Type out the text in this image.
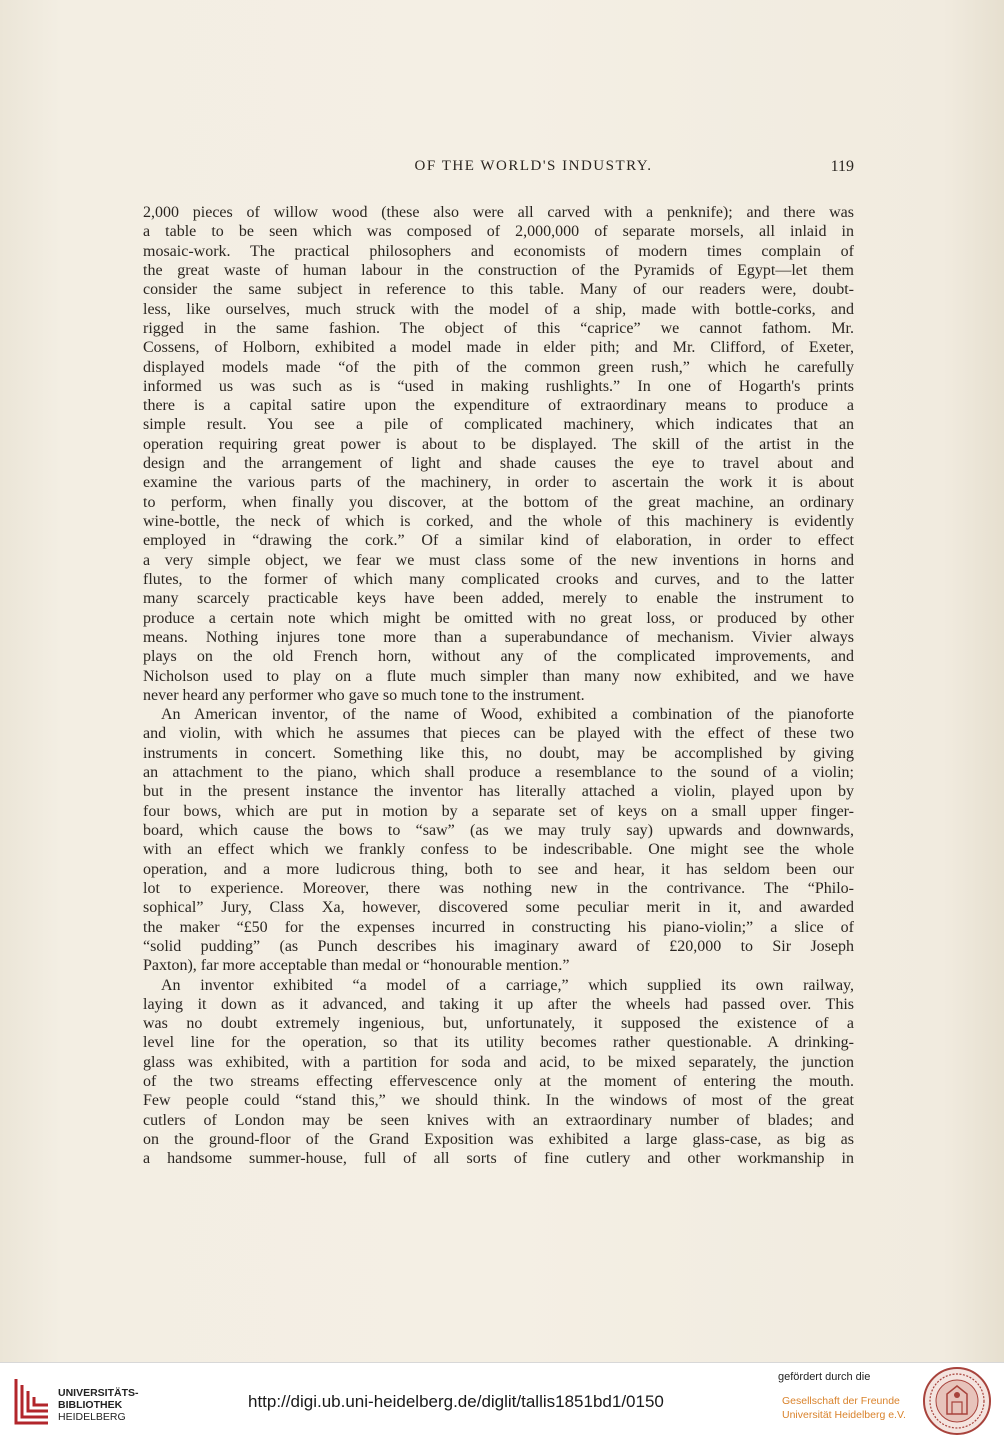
OF THE WORLD'S INDUSTRY.	119
2,000 pieces of willow wood (these also were all carved with a penknife); and there was
a table to be seen which was composed of 2,000,000 of separate morsels, all inlaid in
mosaic-work. The practical philosophers and economists of modern times complain of
the great waste of human labour in the construction of the Pyramids of Egypt—let them
consider the same subject in reference to this table. Many of our readers were, doubt-
less, like ourselves, much struck with the model of a ship, made with bottle-corks, and
rigged in the same fashion. The object of this “caprice” we cannot fathom. Mr.
Cossens, of Holborn, exhibited a model made in elder pith; and Mr. Clifford, of Exeter,
displayed models made “of the pith of the common green rush,” which he carefully
informed us was such as is “used in making rushlights.” In one of Hogarth's prints
there is a capital satire upon the expenditure of extraordinary means to produce a
simple result. You see a pile of complicated machinery, which indicates that an
operation requiring great power is about to be displayed. The skill of the artist in the
design and the arrangement of light and shade causes the eye to travel about and
examine the various parts of the machinery, in order to ascertain the work it is about
to perform, when finally you discover, at the bottom of the great machine, an ordinary
wine-bottle, the neck of which is corked, and the whole of this machinery is evidently
employed in “drawing the cork.” Of a similar kind of elaboration, in order to effect
a very simple object, we fear we must class some of the new inventions in horns and
flutes, to the former of which many complicated crooks and curves, and to the latter
many scarcely practicable keys have been added, merely to enable the instrument to
produce a certain note which might be omitted with no great loss, or produced by other
means. Nothing injures tone more than a superabundance of mechanism. Vivier always
plays on the old French horn, without any of the complicated improvements, and
Nicholson used to play on a flute much simpler than many now exhibited, and we have
never heard any performer who gave so much tone to the instrument.
An American inventor, of the name of Wood, exhibited a combination of the pianoforte
and violin, with which he assumes that pieces can be played with the effect of these two
instruments in concert. Something like this, no doubt, may be accomplished by giving
an attachment to the piano, which shall produce a resemblance to the sound of a violin;
but in the present instance the inventor has literally attached a violin, played upon by
four bows, which are put in motion by a separate set of keys on a small upper finger-
board, which cause the bows to “saw” (as we may truly say) upwards and downwards,
with an effect which we frankly confess to be indescribable. One might see the whole
operation, and a more ludicrous thing, both to see and hear, it has seldom been our
lot to experience. Moreover, there was nothing new in the contrivance. The “Philo-
sophical” Jury, Class Xa, however, discovered some peculiar merit in it, and awarded
the maker “£50 for the expenses incurred in constructing his piano-violin;” a slice of
“solid pudding” (as Punch describes his imaginary award of £20,000 to Sir Joseph
Paxton), far more acceptable than medal or “honourable mention.”
An inventor exhibited “a model of a carriage,” which supplied its own railway,
laying it down as it advanced, and taking it up after the wheels had passed over. This
was no doubt extremely ingenious, but, unfortunately, it supposed the existence of a
level line for the operation, so that its utility becomes rather questionable. A drinking-
glass was exhibited, with a partition for soda and acid, to be mixed separately, the junction
of the two streams effecting effervescence only at the moment of entering the mouth.
Few people could “stand this,” we should think. In the windows of most of the great
cutlers of London may be seen knives with an extraordinary number of blades; and
on the ground-floor of the Grand Exposition was exhibited a large glass-case, as big as
a handsome summer-house, full of all sorts of fine cutlery and other workmanship in
UNIVERSITÄTS-
BIBLIOTHEK
HEIDELBERG
http://digi.ub.uni-heidelberg.de/diglit/tallis1851bd1/0150
gefördert durch die
Gesellschaft der Freunde
Universität Heidelberg e.V.
